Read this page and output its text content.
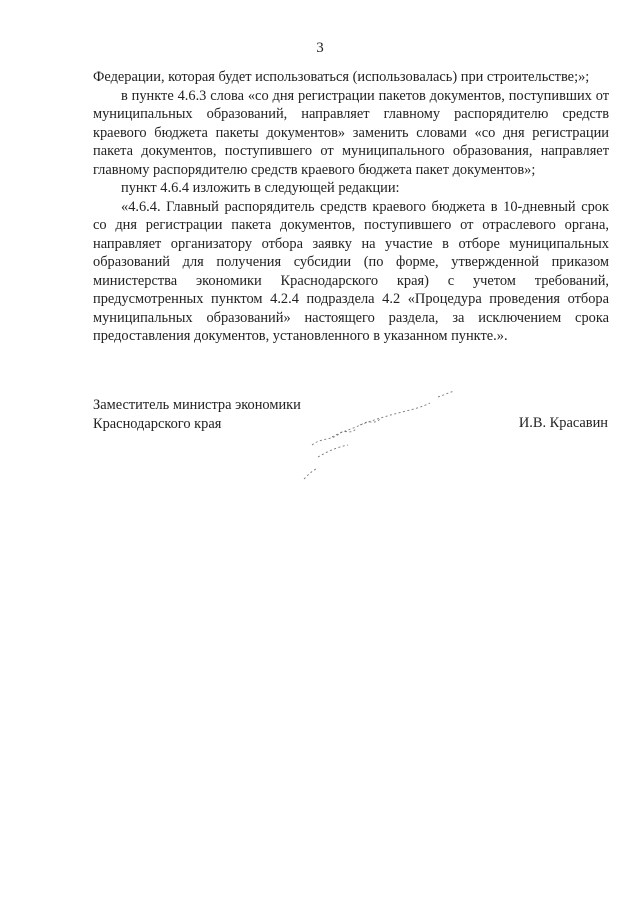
3

Федерации, которая будет использоваться (использовалась) при строительстве;»;

в пункте 4.6.3 слова «со дня регистрации пакетов документов, поступивших от муниципальных образований, направляет главному распорядителю средств краевого бюджета пакеты документов» заменить словами «со дня регистрации пакета документов, поступившего от муниципального образования, направляет главному распорядителю средств краевого бюджета пакет документов»;

пункт 4.6.4 изложить в следующей редакции:

«4.6.4. Главный распорядитель средств краевого бюджета в 10-дневный срок со дня регистрации пакета документов, поступившего от отраслевого органа, направляет организатору отбора заявку на участие в отборе муниципальных образований для получения субсидии (по форме, утвержденной приказом министерства экономики Краснодарского края) с учетом требований, предусмотренных пунктом 4.2.4 подраздела 4.2 «Процедура проведения отбора муниципальных образований» настоящего раздела, за исключением срока предоставления документов, установленного в указанном пункте.».

Заместитель министра экономики
Краснодарского края	И.В. Красавин
